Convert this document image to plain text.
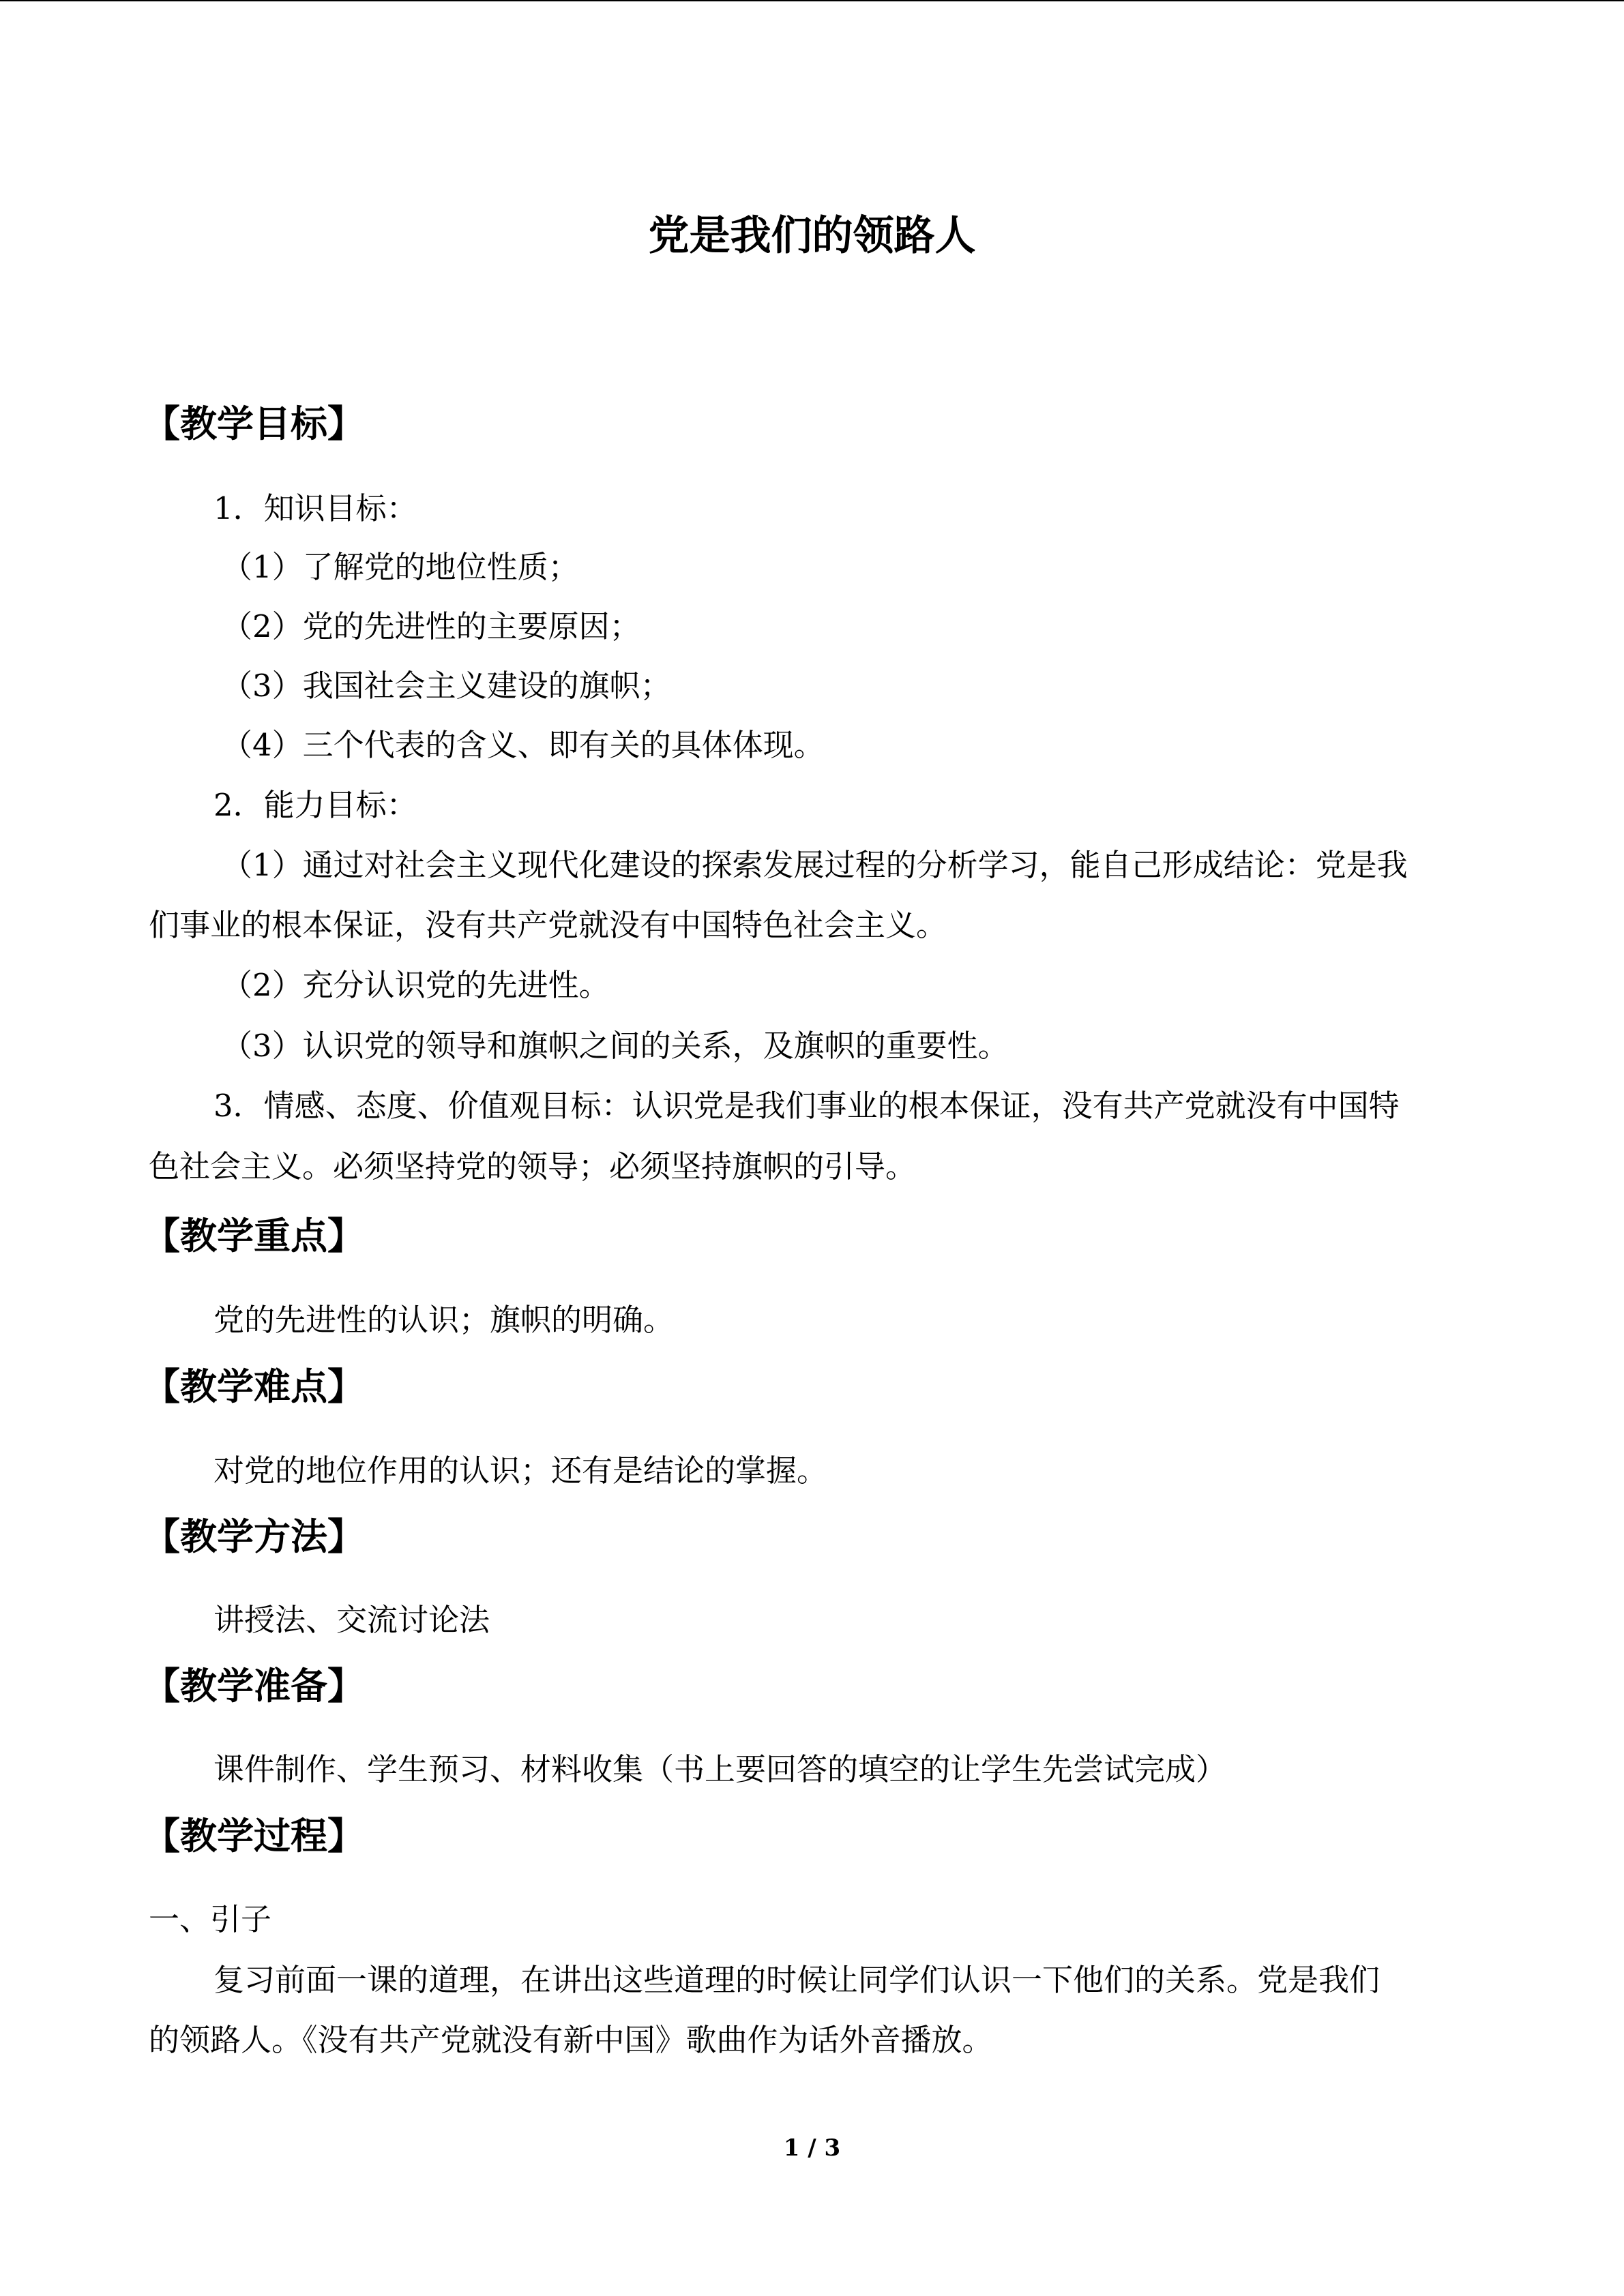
党是我们的领路人
【教学目标】
1．知识目标：
（1）了解党的地位性质；
（2）党的先进性的主要原因；
（3）我国社会主义建设的旗帜；
（4）三个代表的含义、即有关的具体体现。
2．能力目标：
（1）通过对社会主义现代化建设的探索发展过程的分析学习，能自己形成结论：党是我
们事业的根本保证，没有共产党就没有中国特色社会主义。
（2）充分认识党的先进性。
（3）认识党的领导和旗帜之间的关系，及旗帜的重要性。
3．情感、态度、价值观目标：认识党是我们事业的根本保证，没有共产党就没有中国特
色社会主义。必须坚持党的领导；必须坚持旗帜的引导。
【教学重点】
党的先进性的认识；旗帜的明确。
【教学难点】
对党的地位作用的认识；还有是结论的掌握。
【教学方法】
讲授法、交流讨论法
【教学准备】
课件制作、学生预习、材料收集（书上要回答的填空的让学生先尝试完成）
【教学过程】
一、引子
复习前面一课的道理，在讲出这些道理的时候让同学们认识一下他们的关系。党是我们
的领路人。《没有共产党就没有新中国》歌曲作为话外音播放。
1 / 3
